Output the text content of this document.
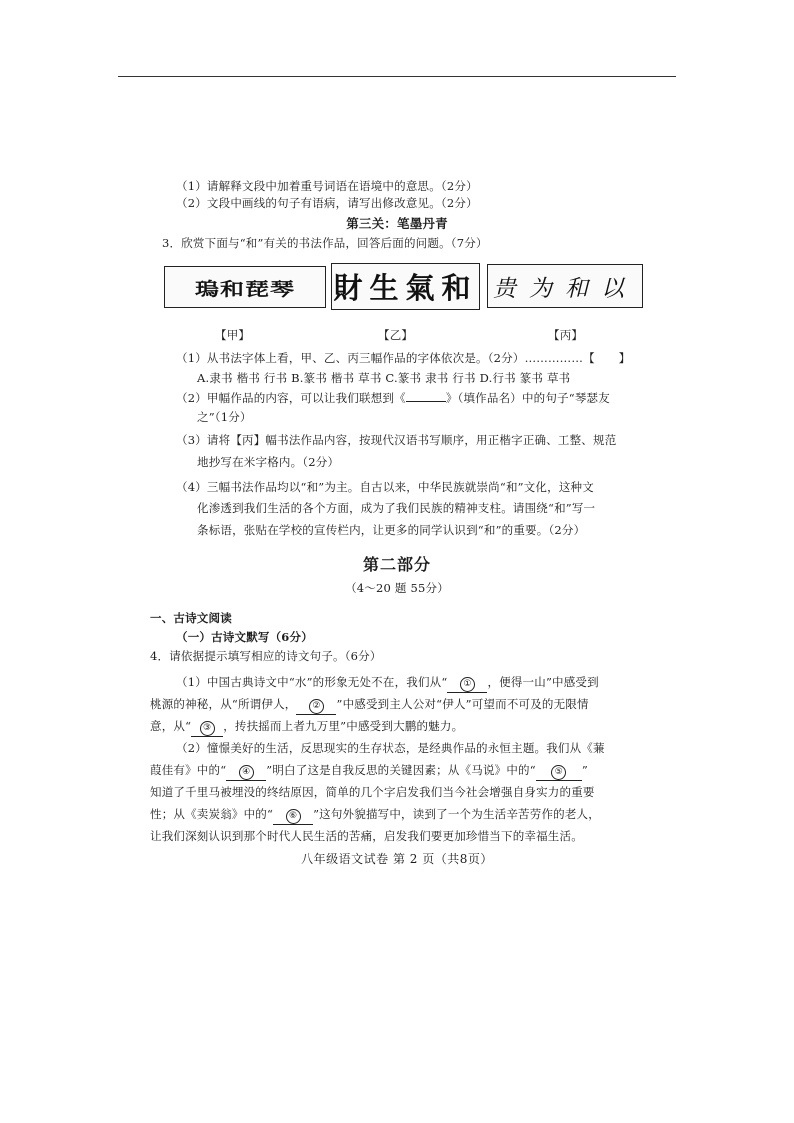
（1）请解释文段中加着重号词语在语境中的意思。（2分）
（2）文段中画线的句子有语病，请写出修改意见。（2分）
第三关：笔墨丹青
3．欣赏下面与“和”有关的书法作品，回答后面的问题。（7分）
瑦和琵琴 財生氣和 贵为和以
【甲】	【乙】	【丙】
（1）从书法字体上看，甲、乙、丙三幅作品的字体依次是。（2分）……………【 】
A.隶书 楷书 行书 B.篆书 楷书 草书 C.篆书 隶书 行书 D.行书 篆书 草书
（2）甲幅作品的内容，可以让我们联想到《	》（填作品名）中的句子“琴瑟友
之”（1分）
（3）请将【丙】幅书法作品内容，按现代汉语书写顺序，用正楷字正确、工整、规范
地抄写在米字格内。（2分）
（4）三幅书法作品均以“和”为主。自古以来，中华民族就崇尚“和”文化，这种文
化渗透到我们生活的各个方面，成为了我们民族的精神支柱。请围绕“和”写一
条标语，张贴在学校的宣传栏内，让更多的同学认识到“和”的重要。（2分）
第二部分
（4～20 题 55分）
一、古诗文阅读
（一）古诗文默写（6分）
4．请依据提示填写相应的诗文句子。（6分）
（1）中国古典诗文中“水”的形象无处不在，我们从“ ① ，便得一山”中感受到
桃源的神秘，从“所谓伊人， ② ”中感受到主人公对“伊人”可望而不可及的无限情
意，从“ ③ ，抟扶摇而上者九万里”中感受到大鹏的魅力。
（2）憧憬美好的生活，反思现实的生存状态，是经典作品的永恒主题。我们从《蒹
葭佳有》中的“ ④ ”明白了这是自我反思的关键因素；从《马说》中的“ ⑤ ”
知道了千里马被埋没的终结原因，简单的几个字启发我们当今社会增强自身实力的重要
性；从《卖炭翁》中的“ ⑥ ”这句外貌描写中，读到了一个为生活辛苦劳作的老人，
让我们深刻认识到那个时代人民生活的苦痛，启发我们要更加珍惜当下的幸福生活。
八年级语文试卷 第 2 页（共8页）
